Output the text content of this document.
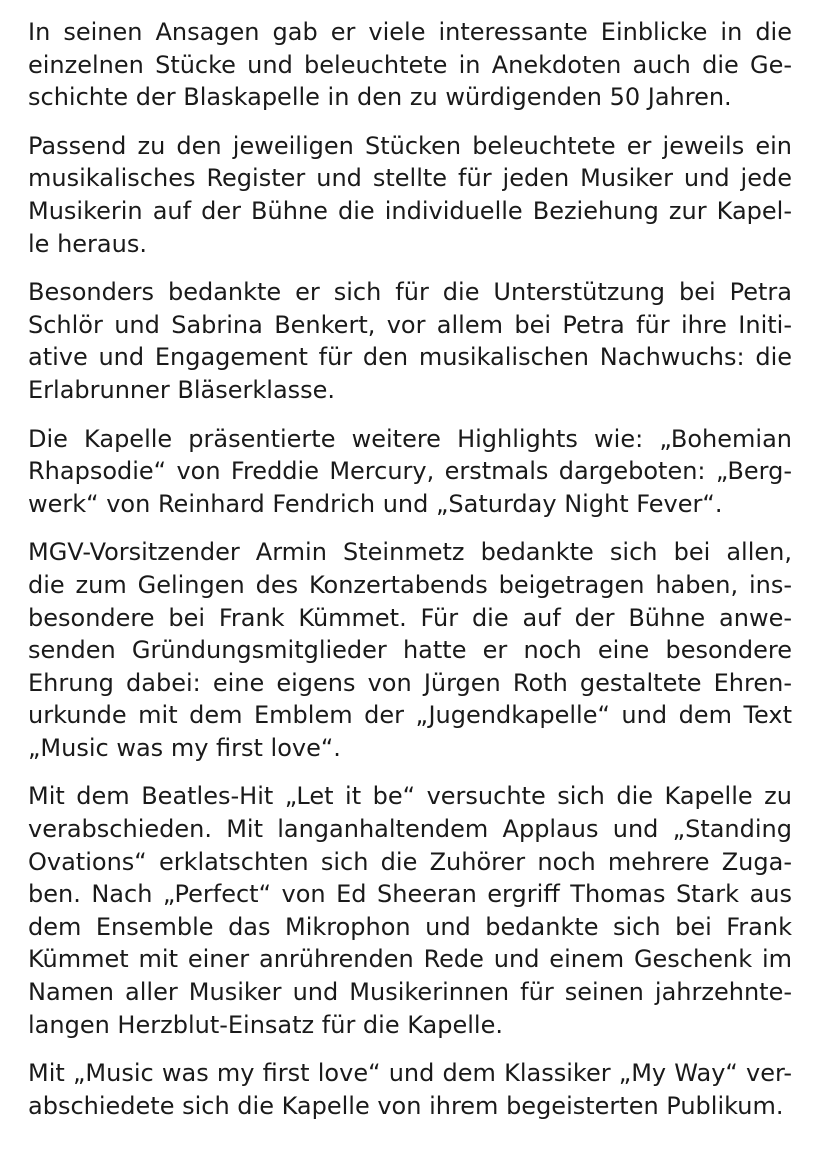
In seinen Ansagen gab er viele interessante Einblicke in die
einzelnen Stücke und beleuchtete in Anekdoten auch die Ge-
schichte der Blaskapelle in den zu würdigenden 50 Jahren.

Passend zu den jeweiligen Stücken beleuchtete er jeweils ein
musikalisches Register und stellte für jeden Musiker und jede
Musikerin auf der Bühne die individuelle Beziehung zur Kapel-
le heraus.

Besonders bedankte er sich für die Unterstützung bei Petra
Schlör und Sabrina Benkert, vor allem bei Petra für ihre Initi-
ative und Engagement für den musikalischen Nachwuchs: die
Erlabrunner Bläserklasse.

Die Kapelle präsentierte weitere Highlights wie: „Bohemian
Rhapsodie“ von Freddie Mercury, erstmals dargeboten: „Berg-
werk“ von Reinhard Fendrich und „Saturday Night Fever“.

MGV-Vorsitzender Armin Steinmetz bedankte sich bei allen,
die zum Gelingen des Konzertabends beigetragen haben, ins-
besondere bei Frank Kümmet. Für die auf der Bühne anwe-
senden Gründungsmitglieder hatte er noch eine besondere
Ehrung dabei: eine eigens von Jürgen Roth gestaltete Ehren-
urkunde mit dem Emblem der „Jugendkapelle“ und dem Text
„Music was my first love“.

Mit dem Beatles-Hit „Let it be“ versuchte sich die Kapelle zu
verabschieden. Mit langanhaltendem Applaus und „Standing
Ovations“ erklatschten sich die Zuhörer noch mehrere Zuga-
ben. Nach „Perfect“ von Ed Sheeran ergriff Thomas Stark aus
dem Ensemble das Mikrophon und bedankte sich bei Frank
Kümmet mit einer anrührenden Rede und einem Geschenk im
Namen aller Musiker und Musikerinnen für seinen jahrzehnte-
langen Herzblut-Einsatz für die Kapelle.

Mit „Music was my first love“ und dem Klassiker „My Way“ ver-
abschiedete sich die Kapelle von ihrem begeisterten Publikum.
